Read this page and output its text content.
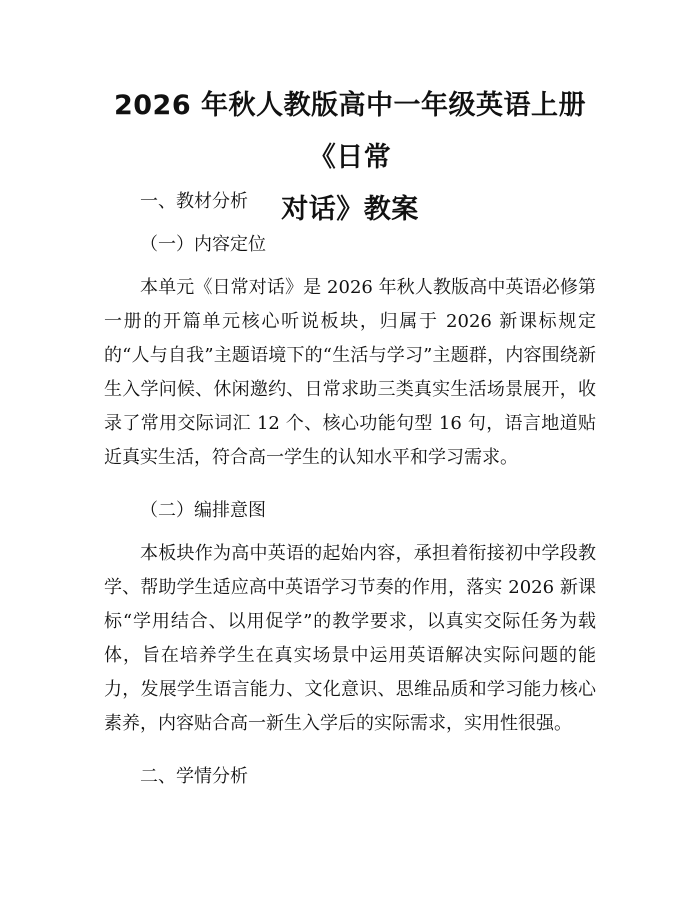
2026 年秋人教版高中一年级英语上册《日常
对话》教案
一、教材分析
（一）内容定位

本单元《日常对话》是 2026 年秋人教版高中英语必修第一册的开篇单元核心听说板块，归属于 2026 新课标规定的“人与自我”主题语境下的“生活与学习”主题群，内容围绕新生入学问候、休闲邀约、日常求助三类真实生活场景展开，收录了常用交际词汇 12 个、核心功能句型 16 句，语言地道贴近真实生活，符合高一学生的认知水平和学习需求。

（二）编排意图

本板块作为高中英语的起始内容，承担着衔接初中学段教学、帮助学生适应高中英语学习节奏的作用，落实 2026 新课标“学用结合、以用促学”的教学要求，以真实交际任务为载体，旨在培养学生在真实场景中运用英语解决实际问题的能力，发展学生语言能力、文化意识、思维品质和学习能力核心素养，内容贴合高一新生入学后的实际需求，实用性很强。

二、学情分析
